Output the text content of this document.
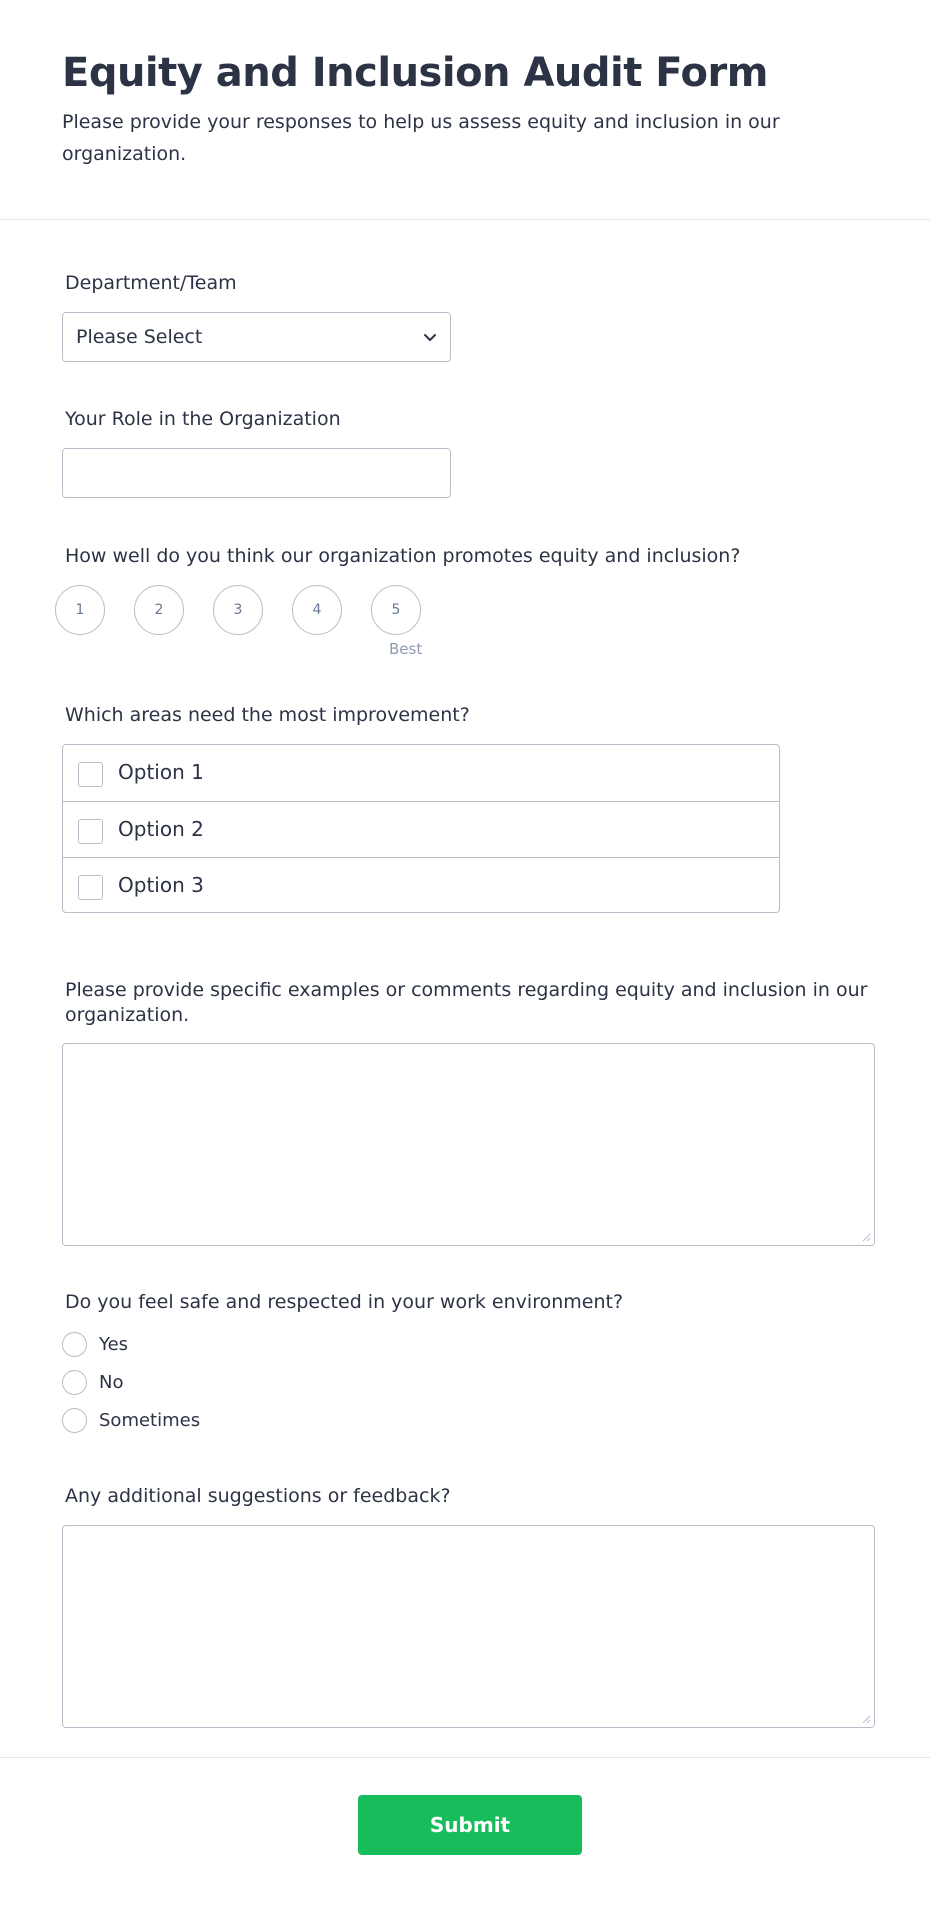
Equity and Inclusion Audit Form

Please provide your responses to help us assess equity and inclusion in our organization.

Department/Team
Please Select
Your Role in the Organization
How well do you think our organization promotes equity and inclusion?
1	2	3	4	5
Best
Which areas need the most improvement?
Option 1
Option 2
Option 3
Please provide specific examples or comments regarding equity and inclusion in our organization.
Do you feel safe and respected in your work environment?
Yes
No
Sometimes
Any additional suggestions or feedback?
Submit
